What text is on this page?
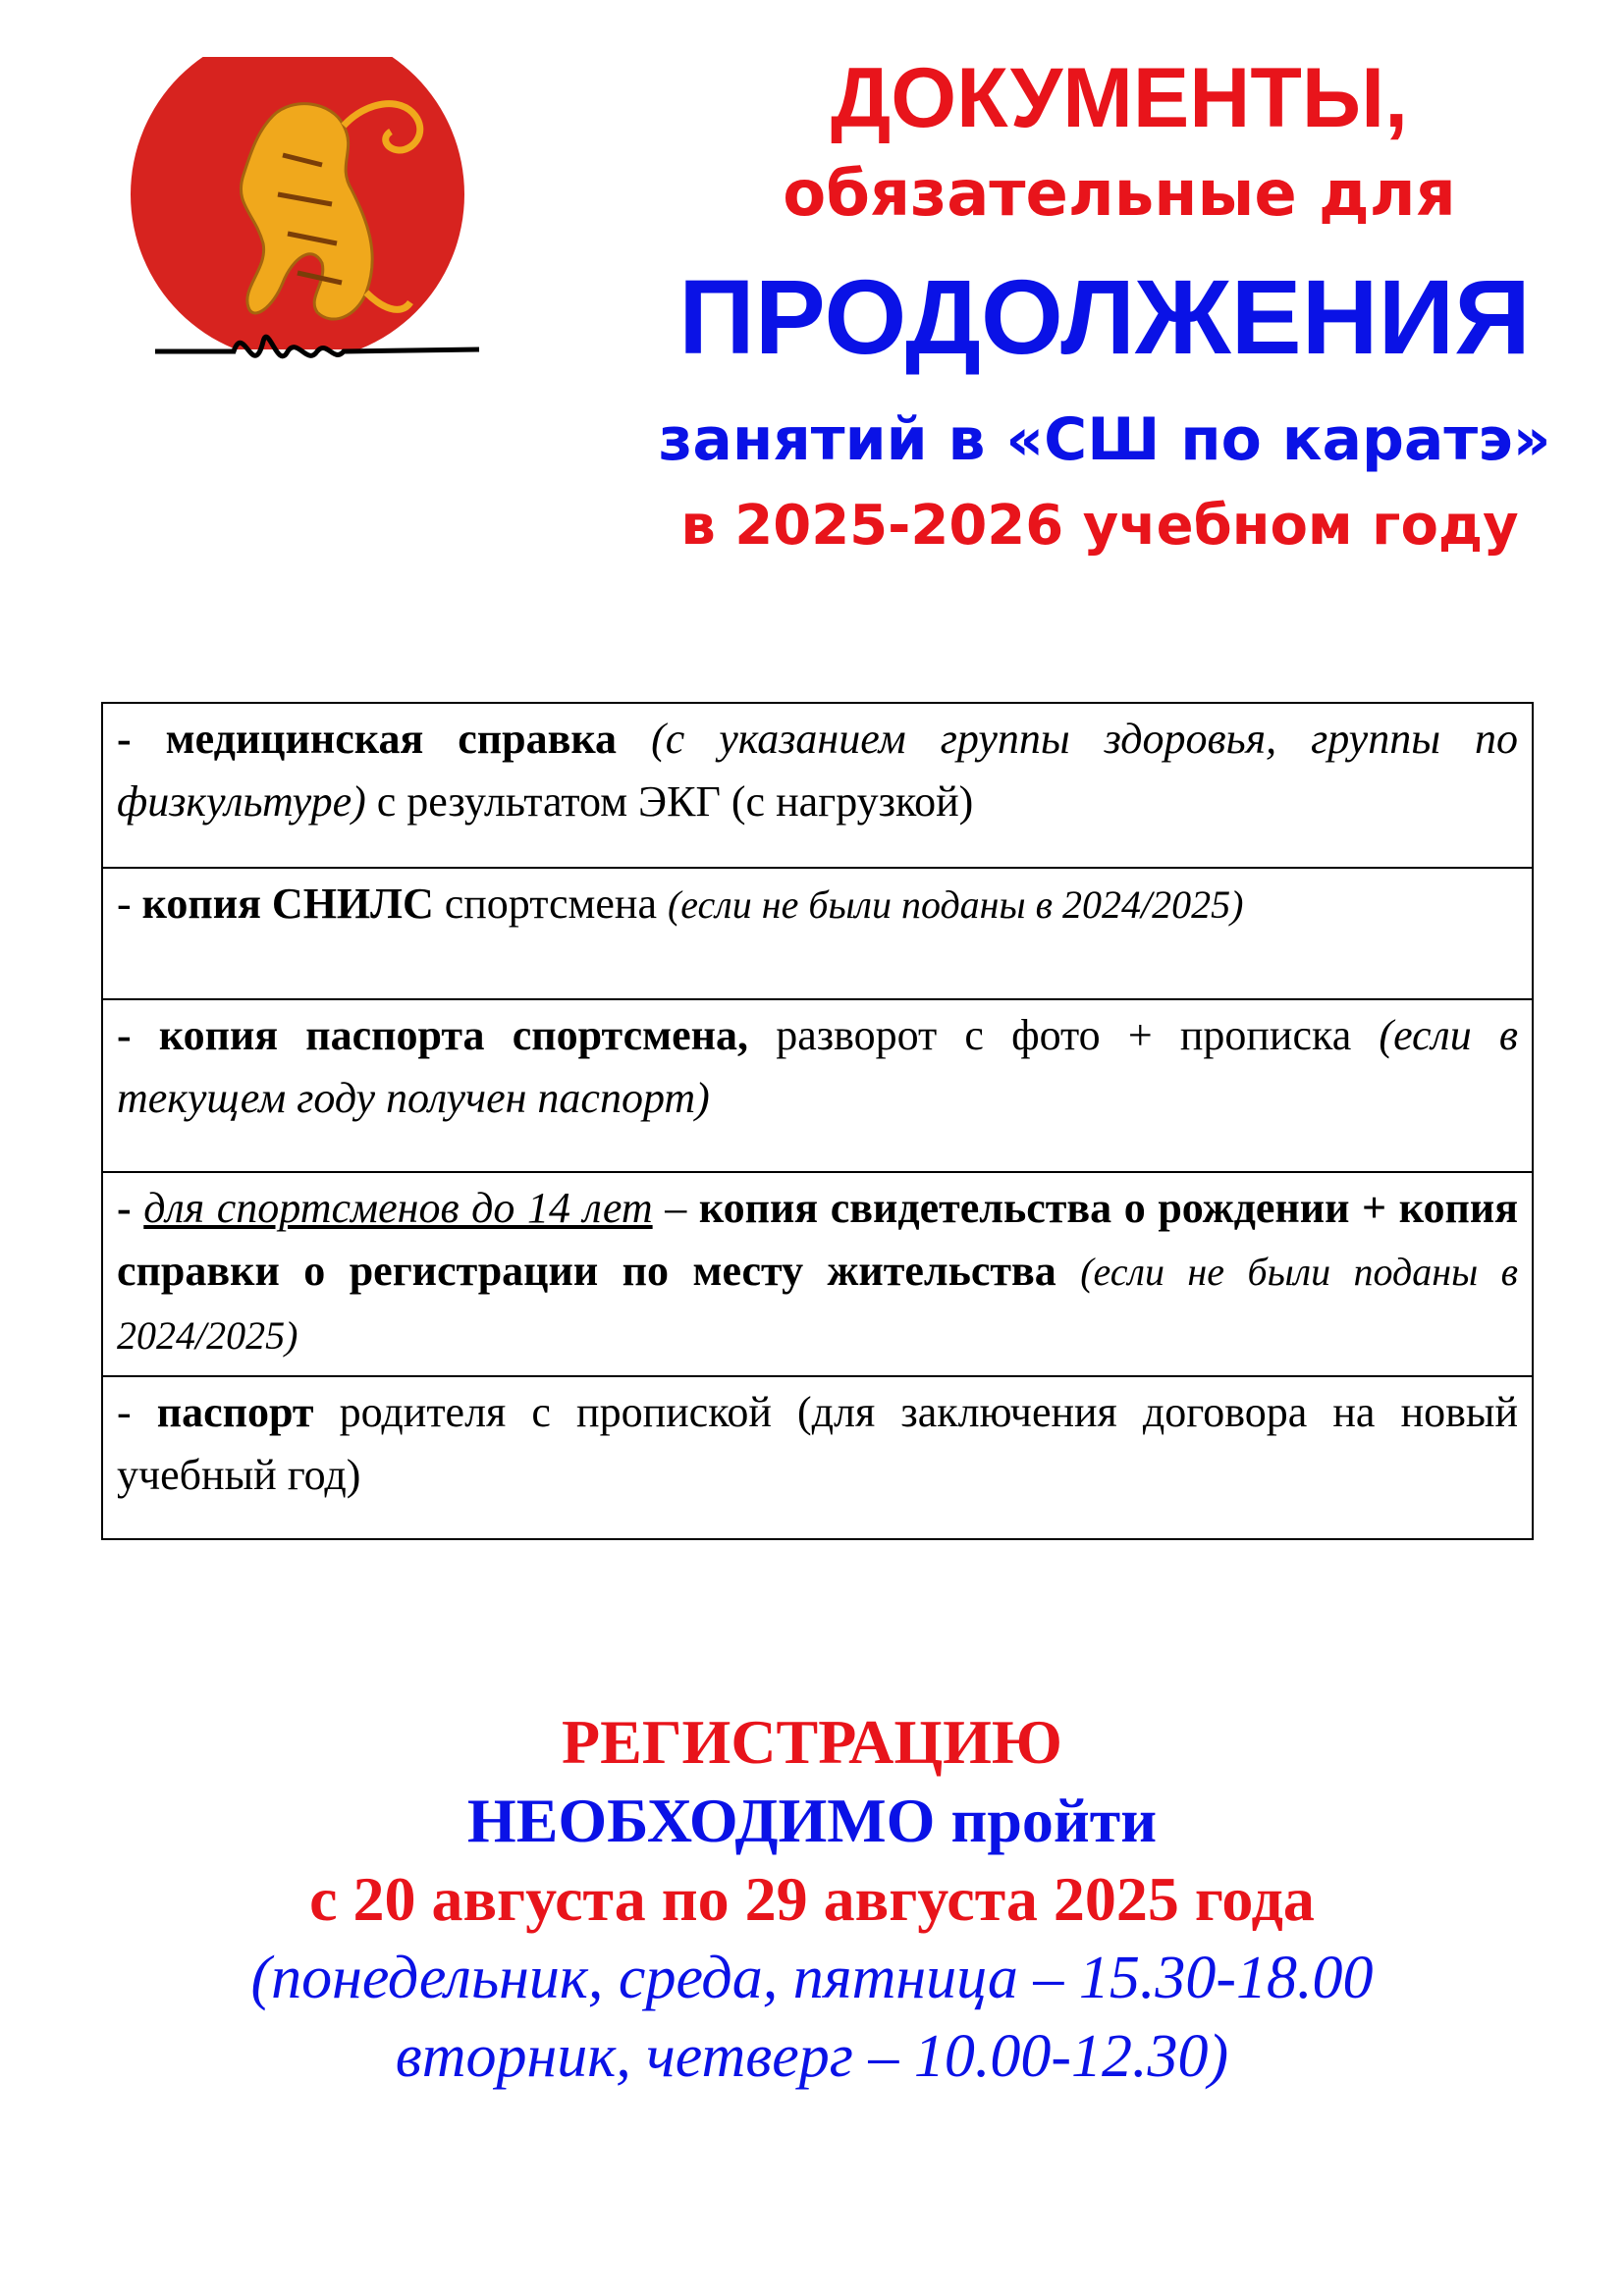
ДОКУМЕНТЫ,
обязательные для
ПРОДОЛЖЕНИЯ
занятий в «СШ по каратэ»
в 2025-2026 учебном году
- медицинская справка (с указанием группы здоровья, группы по физкультуре) с результатом ЭКГ (с нагрузкой)
- копия СНИЛС спортсмена (если не были поданы в 2024/2025)
- копия паспорта спортсмена, разворот с фото + прописка (если в текущем году получен паспорт)
- для спортсменов до 14 лет – копия свидетельства о рождении + копия справки о регистрации по месту жительства (если не были поданы в 2024/2025)
- паспорт родителя с пропиской (для заключения договора на новый учебный год)
РЕГИСТРАЦИЮ
НЕОБХОДИМО пройти
с 20 августа по 29 августа 2025 года
(понедельник, среда, пятница – 15.30-18.00
вторник, четверг – 10.00-12.30)
